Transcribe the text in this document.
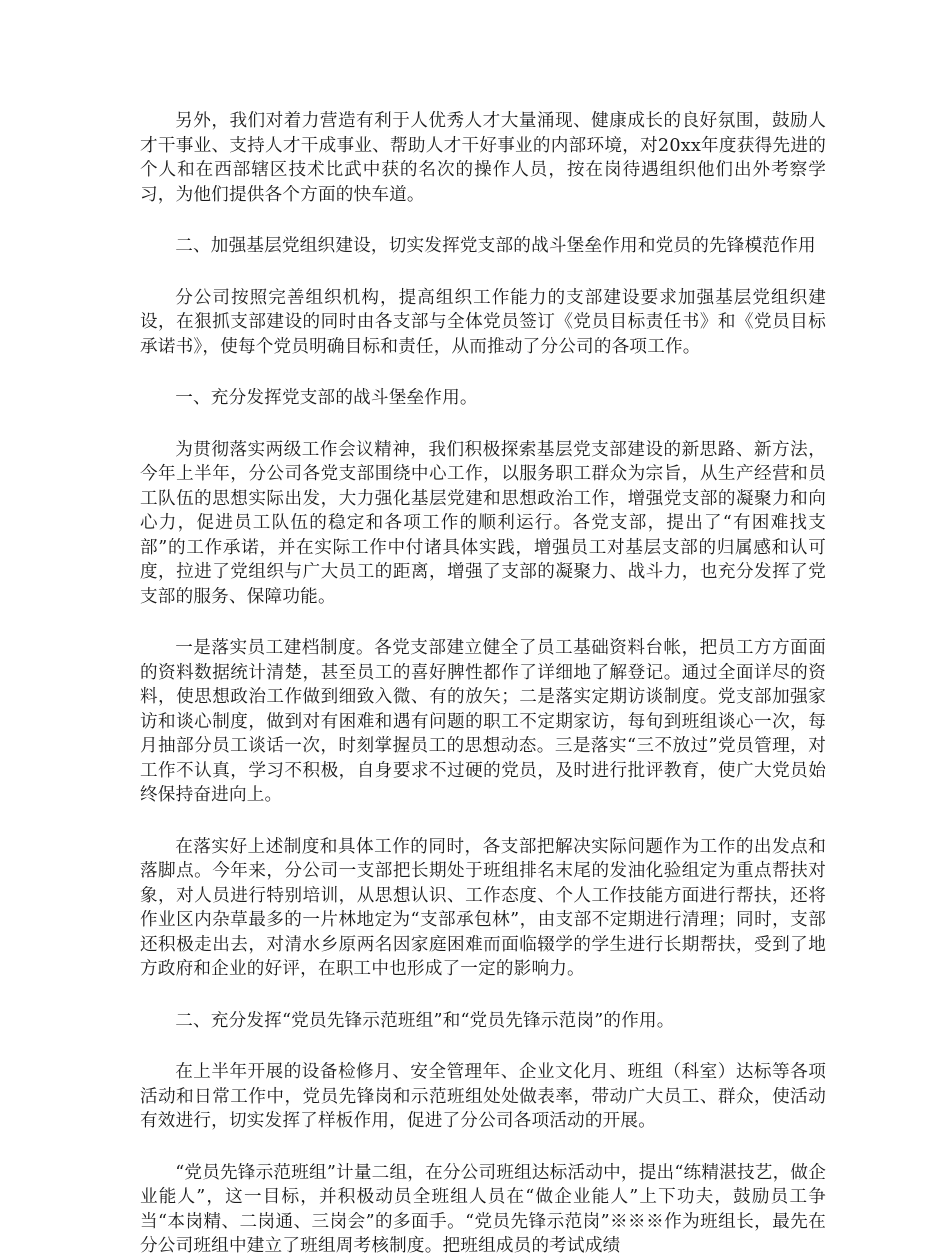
另外，我们对着力营造有利于人优秀人才大量涌现、健康成长的良好氛围，鼓励人才干事业、支持人才干成事业、帮助人才干好事业的内部环境，对20xx年度获得先进的个人和在西部辖区技术比武中获的名次的操作人员，按在岗待遇组织他们出外考察学习，为他们提供各个方面的快车道。

二、加强基层党组织建设，切实发挥党支部的战斗堡垒作用和党员的先锋模范作用

分公司按照完善组织机构，提高组织工作能力的支部建设要求加强基层党组织建设，在狠抓支部建设的同时由各支部与全体党员签订《党员目标责任书》和《党员目标承诺书》，使每个党员明确目标和责任，从而推动了分公司的各项工作。

一、充分发挥党支部的战斗堡垒作用。

为贯彻落实两级工作会议精神，我们积极探索基层党支部建设的新思路、新方法，今年上半年，分公司各党支部围绕中心工作，以服务职工群众为宗旨，从生产经营和员工队伍的思想实际出发，大力强化基层党建和思想政治工作，增强党支部的凝聚力和向心力，促进员工队伍的稳定和各项工作的顺利运行。各党支部，提出了“有困难找支部”的工作承诺，并在实际工作中付诸具体实践，增强员工对基层支部的归属感和认可度，拉进了党组织与广大员工的距离，增强了支部的凝聚力、战斗力，也充分发挥了党支部的服务、保障功能。

一是落实员工建档制度。各党支部建立健全了员工基础资料台帐，把员工方方面面的资料数据统计清楚，甚至员工的喜好脾性都作了详细地了解登记。通过全面详尽的资料，使思想政治工作做到细致入微、有的放矢；二是落实定期访谈制度。党支部加强家访和谈心制度，做到对有困难和遇有问题的职工不定期家访，每旬到班组谈心一次，每月抽部分员工谈话一次，时刻掌握员工的思想动态。三是落实“三不放过”党员管理，对工作不认真，学习不积极，自身要求不过硬的党员，及时进行批评教育，使广大党员始终保持奋进向上。

在落实好上述制度和具体工作的同时，各支部把解决实际问题作为工作的出发点和落脚点。今年来，分公司一支部把长期处于班组排名末尾的发油化验组定为重点帮扶对象，对人员进行特别培训，从思想认识、工作态度、个人工作技能方面进行帮扶，还将作业区内杂草最多的一片林地定为“支部承包林”，由支部不定期进行清理；同时，支部还积极走出去，对清水乡原两名因家庭困难而面临辍学的学生进行长期帮扶，受到了地方政府和企业的好评，在职工中也形成了一定的影响力。

二、充分发挥“党员先锋示范班组”和“党员先锋示范岗”的作用。

在上半年开展的设备检修月、安全管理年、企业文化月、班组（科室）达标等各项活动和日常工作中，党员先锋岗和示范班组处处做表率，带动广大员工、群众，使活动有效进行，切实发挥了样板作用，促进了分公司各项活动的开展。

“党员先锋示范班组”计量二组，在分公司班组达标活动中，提出“练精湛技艺，做企业能人”，这一目标，并积极动员全班组人员在“做企业能人”上下功夫，鼓励员工争当“本岗精、二岗通、三岗会”的多面手。“党员先锋示范岗”※※※作为班组长，最先在分公司班组中建立了班组周考核制度。把班组成员的考试成绩
